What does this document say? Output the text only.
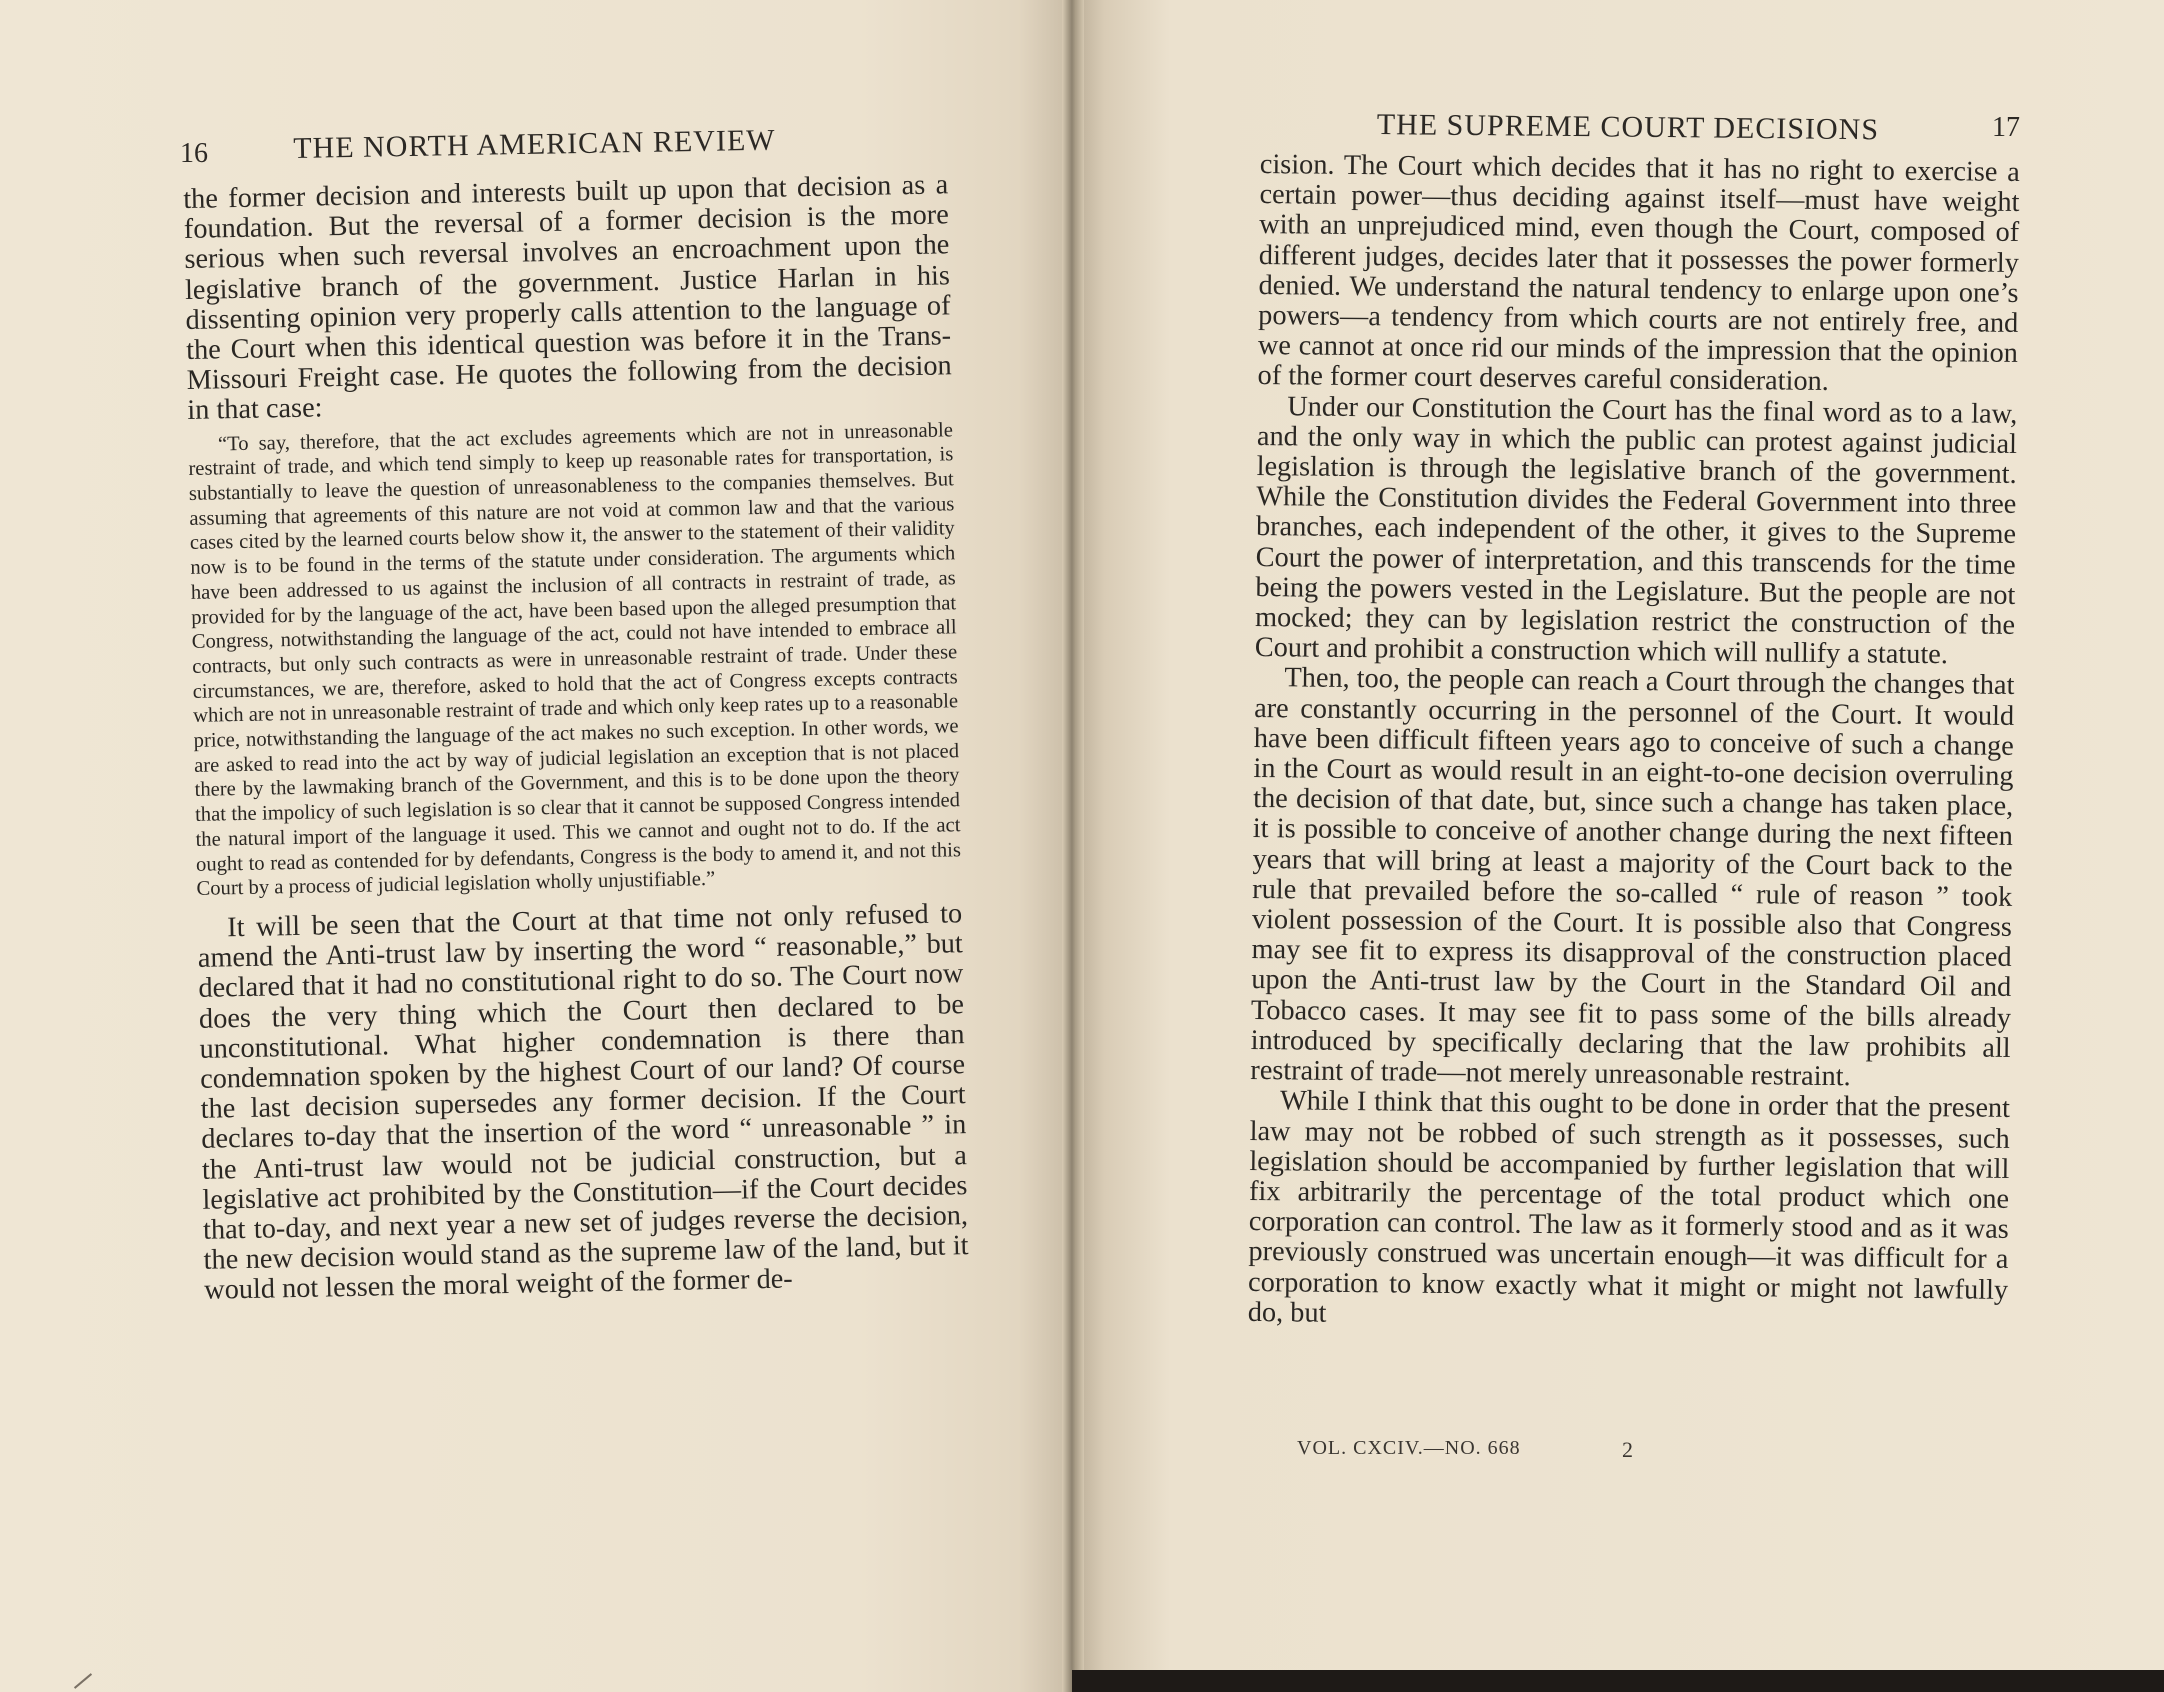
16	THE NORTH AMERICAN REVIEW

the former decision and interests built up upon that decision as a foundation. But the reversal of a former decision is the more serious when such reversal involves an encroachment upon the legislative branch of the government. Justice Harlan in his dissenting opinion very properly calls attention to the language of the Court when this identical question was before it in the Trans-Missouri Freight case. He quotes the following from the decision in that case:

“To say, therefore, that the act excludes agreements which are not in unreasonable restraint of trade, and which tend simply to keep up reasonable rates for transportation, is substantially to leave the question of unreasonableness to the companies themselves. But assuming that agreements of this nature are not void at common law and that the various cases cited by the learned courts below show it, the answer to the statement of their validity now is to be found in the terms of the statute under consideration. The arguments which have been addressed to us against the inclusion of all contracts in restraint of trade, as provided for by the language of the act, have been based upon the alleged presumption that Congress, notwithstanding the language of the act, could not have intended to embrace all contracts, but only such contracts as were in unreasonable restraint of trade. Under these circumstances, we are, therefore, asked to hold that the act of Congress excepts contracts which are not in unreasonable restraint of trade and which only keep rates up to a reasonable price, notwithstanding the language of the act makes no such exception. In other words, we are asked to read into the act by way of judicial legislation an exception that is not placed there by the lawmaking branch of the Government, and this is to be done upon the theory that the impolicy of such legislation is so clear that it cannot be supposed Congress intended the natural import of the language it used. This we cannot and ought not to do. If the act ought to read as contended for by defendants, Congress is the body to amend it, and not this Court by a process of judicial legislation wholly unjustifiable.”

It will be seen that the Court at that time not only refused to amend the Anti-trust law by inserting the word “ reasonable,” but declared that it had no constitutional right to do so. The Court now does the very thing which the Court then declared to be unconstitutional. What higher condemnation is there than condemnation spoken by the highest Court of our land? Of course the last decision supersedes any former decision. If the Court declares to-day that the insertion of the word “ unreasonable ” in the Anti-trust law would not be judicial construction, but a legislative act prohibited by the Constitution—if the Court decides that to-day, and next year a new set of judges reverse the decision, the new decision would stand as the supreme law of the land, but it would not lessen the moral weight of the former de-

THE SUPREME COURT DECISIONS	17

cision. The Court which decides that it has no right to exercise a certain power—thus deciding against itself—must have weight with an unprejudiced mind, even though the Court, composed of different judges, decides later that it possesses the power formerly denied. We understand the natural tendency to enlarge upon one’s powers—a tendency from which courts are not entirely free, and we cannot at once rid our minds of the impression that the opinion of the former court deserves careful consideration.

Under our Constitution the Court has the final word as to a law, and the only way in which the public can protest against judicial legislation is through the legislative branch of the government. While the Constitution divides the Federal Government into three branches, each independent of the other, it gives to the Supreme Court the power of interpretation, and this transcends for the time being the powers vested in the Legislature. But the people are not mocked; they can by legislation restrict the construction of the Court and prohibit a construction which will nullify a statute.

Then, too, the people can reach a Court through the changes that are constantly occurring in the personnel of the Court. It would have been difficult fifteen years ago to conceive of such a change in the Court as would result in an eight-to-one decision overruling the decision of that date, but, since such a change has taken place, it is possible to conceive of another change during the next fifteen years that will bring at least a majority of the Court back to the rule that prevailed before the so-called “ rule of reason ” took violent possession of the Court. It is possible also that Congress may see fit to express its disapproval of the construction placed upon the Anti-trust law by the Court in the Standard Oil and Tobacco cases. It may see fit to pass some of the bills already introduced by specifically declaring that the law prohibits all restraint of trade—not merely unreasonable restraint.

While I think that this ought to be done in order that the present law may not be robbed of such strength as it possesses, such legislation should be accompanied by further legislation that will fix arbitrarily the percentage of the total product which one corporation can control. The law as it formerly stood and as it was previously construed was uncertain enough—it was difficult for a corporation to know exactly what it might or might not lawfully do, but

VOL. CXCIV.—NO. 668	2
